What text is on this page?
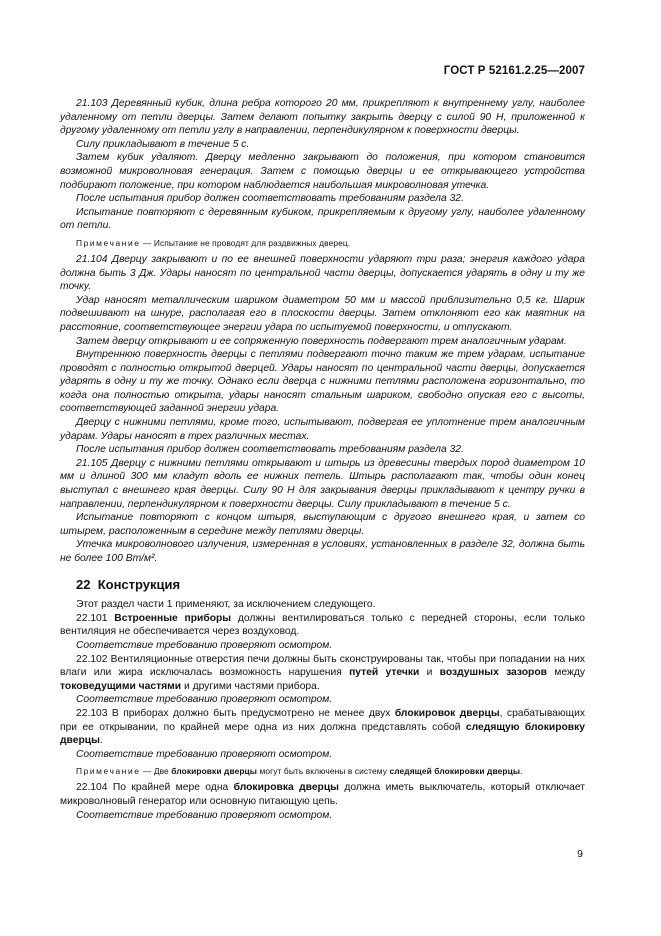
ГОСТ Р 52161.2.25—2007

21.103 Деревянный кубик, длина ребра которого 20 мм, прикрепляют к внутреннему углу, наиболее удаленному от петли дверцы. Затем делают попытку закрыть дверцу с силой 90 Н, приложенной к другому удаленному от петли углу в направлении, перпендикулярном к поверхности дверцы.

Силу прикладывают в течение 5 с.

Затем кубик удаляют. Дверцу медленно закрывают до положения, при котором становится возможной микроволновая генерация. Затем с помощью дверцы и ее открывающего устройства подбирают положение, при котором наблюдается наибольшая микроволновая утечка.

После испытания прибор должен соответствовать требованиям раздела 32.

Испытание повторяют с деревянным кубиком, прикрепляемым к другому углу, наиболее удаленному от петли.

Примечание — Испытание не проводят для раздвижных дверец.

21.104 Дверцу закрывают и по ее внешней поверхности ударяют три раза; энергия каждого удара должна быть 3 Дж. Удары наносят по центральной части дверцы, допускается ударять в одну и ту же точку.

Удар наносят металлическим шариком диаметром 50 мм и массой приблизительно 0,5 кг. Шарик подвешивают на шнуре, располагая его в плоскости дверцы. Затем отклоняют его как маятник на расстояние, соответствующее энергии удара по испытуемой поверхности, и отпускают.

Затем дверцу открывают и ее сопряженную поверхность подвергают трем аналогичным ударам.

Внутреннюю поверхность дверцы с петлями подвергают точно таким же трем ударам, испытание проводят с полностью открытой дверцей. Удары наносят по центральной части дверцы, допускается ударять в одну и ту же точку. Однако если дверца с нижними петлями расположена горизонтально, то когда она полностью открыта, удары наносят стальным шариком, свободно опуская его с высоты, соответствующей заданной энергии удара.

Дверцу с нижними петлями, кроме того, испытывают, подвергая ее уплотнение трем аналогичным ударам. Удары наносят в трех различных местах.

После испытания прибор должен соответствовать требованиям раздела 32.

21.105 Дверцу с нижними петлями открывают и штырь из древесины твердых пород диаметром 10 мм и длиной 300 мм кладут вдоль ее нижних петель. Штырь располагают так, чтобы один конец выступал с внешнего края дверцы. Силу 90 Н для закрывания дверцы прикладывают к центру ручки в направлении, перпендикулярном к поверхности дверцы. Силу прикладывают в течение 5 с.

Испытание повторяют с концом штыря, выступающим с другого внешнего края, и затем со штырем, расположенным в середине между петлями дверцы.

Утечка микроволнового излучения, измеренная в условиях, установленных в разделе 32, должна быть не более 100 Вт/м².

22 Конструкция

Этот раздел части 1 применяют, за исключением следующего.

22.101 Встроенные приборы должны вентилироваться только с передней стороны, если только вентиляция не обеспечивается через воздуховод.

Соответствие требованию проверяют осмотром.

22.102 Вентиляционные отверстия печи должны быть сконструированы так, чтобы при попадании на них влаги или жира исключалась возможность нарушения путей утечки и воздушных зазоров между токоведущими частями и другими частями прибора.

Соответствие требованию проверяют осмотром.

22.103 В приборах должно быть предусмотрено не менее двух блокировок дверцы, срабатывающих при ее открывании, по крайней мере одна из них должна представлять собой следящую блокировку дверцы.

Соответствие требованию проверяют осмотром.

Примечание — Две блокировки дверцы могут быть включены в систему следящей блокировки дверцы.

22.104 По крайней мере одна блокировка дверцы должна иметь выключатель, который отключает микроволновый генератор или основную питающую цепь.

Соответствие требованию проверяют осмотром.

9
